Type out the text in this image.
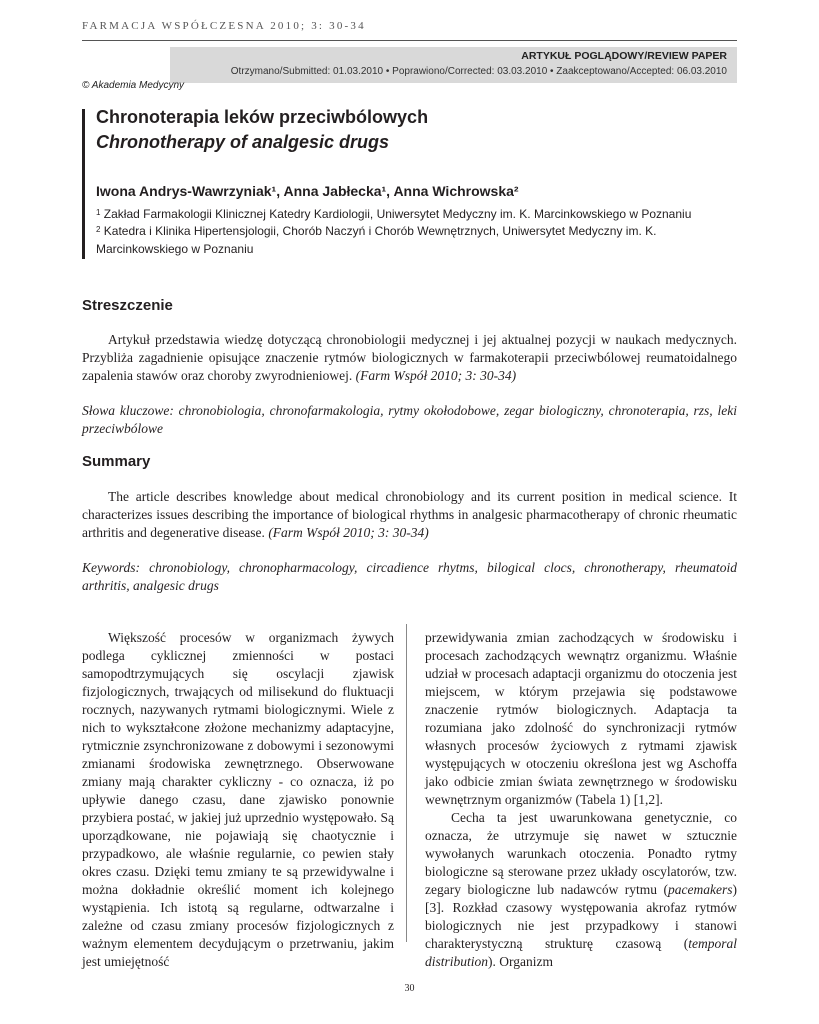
FARMACJA WSPÓŁCZESNA 2010; 3: 30-34
ARTYKUŁ POGLĄDOWY/REVIEW PAPER
Otrzymano/Submitted: 01.03.2010 • Poprawiono/Corrected: 03.03.2010 • Zaakceptowano/Accepted: 06.03.2010
© Akademia Medycyny
Chronoterapia leków przeciwbólowych
Chronotherapy of analgesic drugs
Iwona Andrys-Wawrzyniak¹, Anna Jabłecka¹, Anna Wichrowska²
$^1$ Zakład Farmakologii Klinicznej Katedry Kardiologii, Uniwersytet Medyczny im. K. Marcinkowskiego w Poznaniu
$^2$ Katedra i Klinika Hipertensjologii, Chorób Naczyń i Chorób Wewnętrznych, Uniwersytet Medyczny im. K. Marcinkowskiego w Poznaniu
Streszczenie
Artykuł przedstawia wiedzę dotyczącą chronobiologii medycznej i jej aktualnej pozycji w naukach medycznych. Przybliża zagadnienie opisujące znaczenie rytmów biologicznych w farmakoterapii przeciwbólowej reumatoidalnego zapalenia stawów oraz choroby zwyrodnieniowej. (Farm Współ 2010; 3: 30-34)
Słowa kluczowe: chronobiologia, chronofarmakologia, rytmy okołodobowe, zegar biologiczny, chronoterapia, rzs, leki przeciwbólowe
Summary
The article describes knowledge about medical chronobiology and its current position in medical science. It characterizes issues describing the importance of biological rhythms in analgesic pharmacotherapy of chronic rheumatic arthritis and degenerative disease. (Farm Współ 2010; 3: 30-34)
Keywords: chronobiology, chronopharmacology, circadience rhytms, bilogical clocs, chronotherapy, rheumatoid arthritis, analgesic drugs

Większość procesów w organizmach żywych podlega cyklicznej zmienności w postaci samopodtrzymujących się oscylacji zjawisk fizjologicznych, trwających od milisekund do fluktuacji rocznych, nazywanych rytmami biologicznymi. Wiele z nich to wykształcone złożone mechanizmy adaptacyjne, rytmicznie zsynchronizowane z dobowymi i sezonowymi zmianami środowiska zewnętrznego. Obserwowane zmiany mają charakter cykliczny - co oznacza, iż po upływie danego czasu, dane zjawisko ponownie przybiera postać, w jakiej już uprzednio występowało. Są uporządkowane, nie pojawiają się chaotycznie i przypadkowo, ale właśnie regularnie, co pewien stały okres czasu. Dzięki temu zmiany te są przewidywalne i można dokładnie określić moment ich kolejnego wystąpienia. Ich istotą są regularne, odtwarzalne i zależne od czasu zmiany procesów fizjologicznych z ważnym elementem decydującym o przetrwaniu, jakim jest umiejętność

przewidywania zmian zachodzących w środowisku i procesach zachodzących wewnątrz organizmu. Właśnie udział w procesach adaptacji organizmu do otoczenia jest miejscem, w którym przejawia się podstawowe znaczenie rytmów biologicznych. Adaptacja ta rozumiana jako zdolność do synchronizacji rytmów własnych procesów życiowych z rytmami zjawisk występujących w otoczeniu określona jest wg Aschoffa jako odbicie zmian świata zewnętrznego w środowisku wewnętrznym organizmów (Tabela 1) [1,2].

Cecha ta jest uwarunkowana genetycznie, co oznacza, że utrzymuje się nawet w sztucznie wywołanych warunkach otoczenia. Ponadto rytmy biologiczne są sterowane przez układy oscylatorów, tzw. zegary biologiczne lub nadawców rytmu (pacemakers) [3]. Rozkład czasowy występowania akrofaz rytmów biologicznych nie jest przypadkowy i stanowi charakterystyczną strukturę czasową (temporal distribution). Organizm

30
